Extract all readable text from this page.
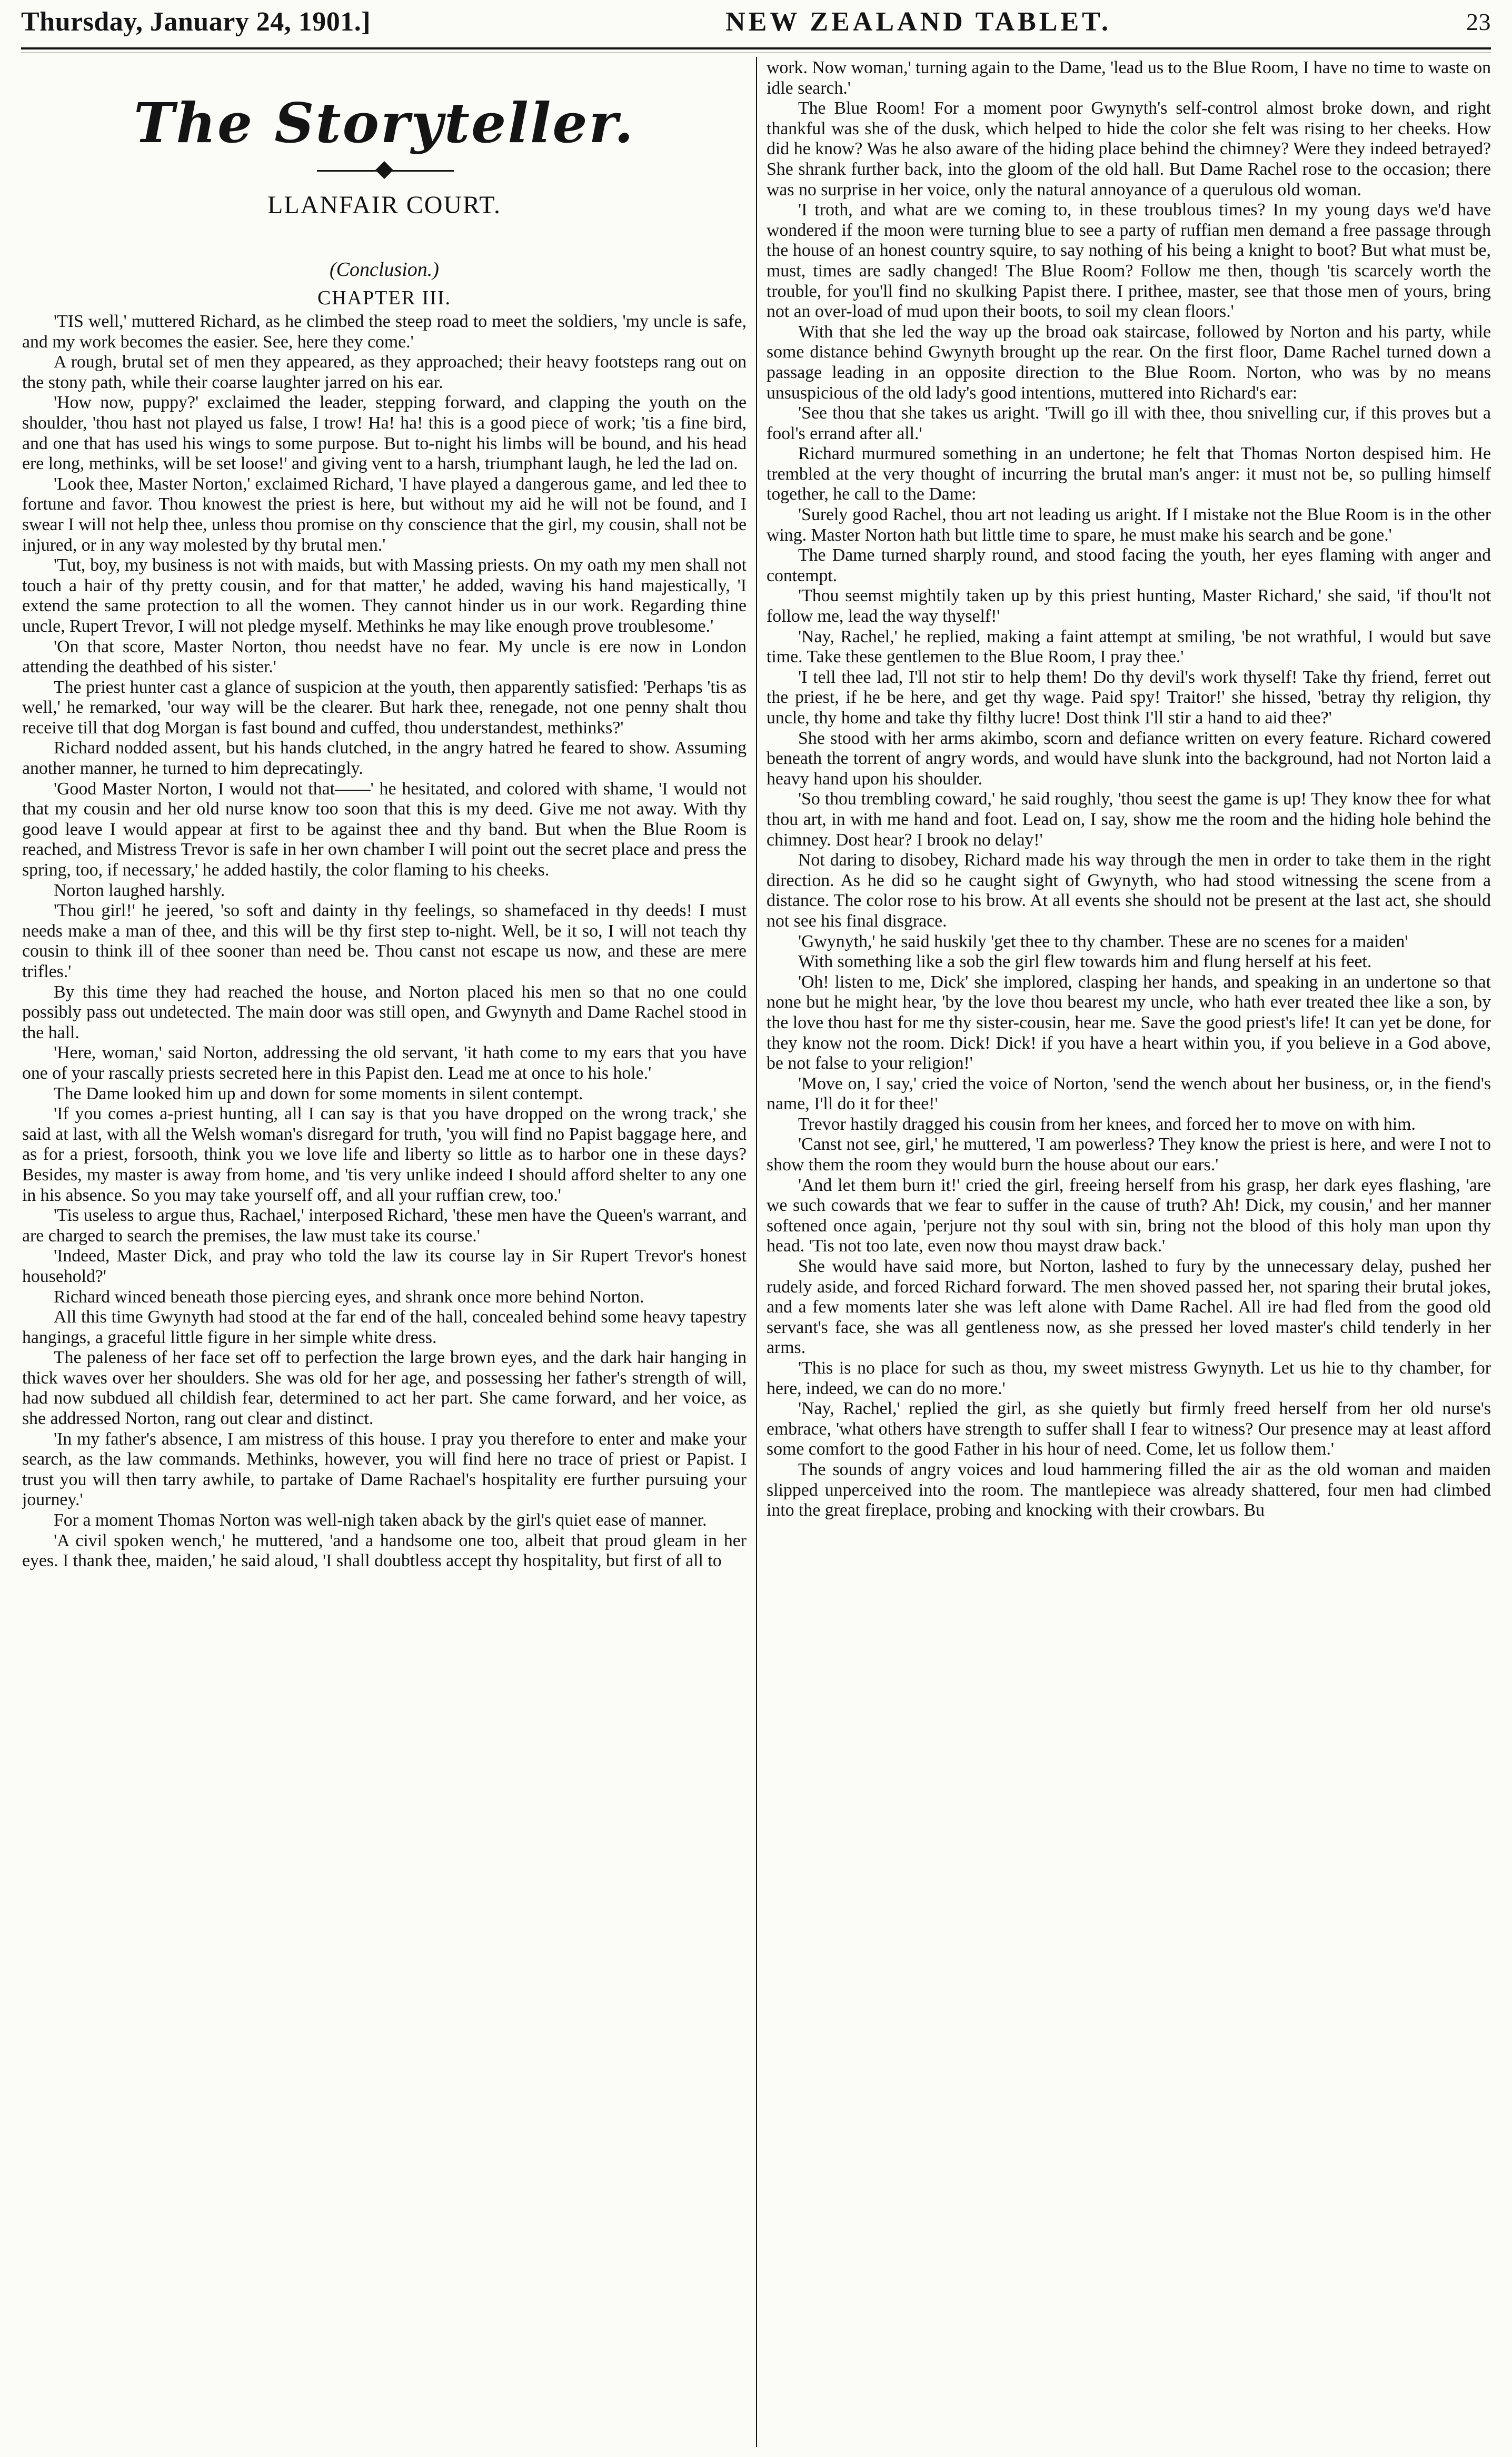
Thursday, January 24, 1901.]	NEW ZEALAND TABLET.	23
The Storyteller.
LLANFAIR COURT.
(Conclusion.)
CHAPTER III.

'TIS well,' muttered Richard, as he climbed the steep road to meet the soldiers, 'my uncle is safe, and my work becomes the easier. See, here they come.'

A rough, brutal set of men they appeared, as they approached; their heavy footsteps rang out on the stony path, while their coarse laughter jarred on his ear.

'How now, puppy?' exclaimed the leader, stepping forward, and clapping the youth on the shoulder, 'thou hast not played us false, I trow! Ha! ha! this is a good piece of work; 'tis a fine bird, and one that has used his wings to some purpose. But to-night his limbs will be bound, and his head ere long, methinks, will be set loose!' and giving vent to a harsh, triumphant laugh, he led the lad on.

'Look thee, Master Norton,' exclaimed Richard, 'I have played a dangerous game, and led thee to fortune and favor. Thou knowest the priest is here, but without my aid he will not be found, and I swear I will not help thee, unless thou promise on thy conscience that the girl, my cousin, shall not be injured, or in any way molested by thy brutal men.'

'Tut, boy, my business is not with maids, but with Massing priests. On my oath my men shall not touch a hair of thy pretty cousin, and for that matter,' he added, waving his hand majestically, 'I extend the same protection to all the women. They cannot hinder us in our work. Regarding thine uncle, Rupert Trevor, I will not pledge myself. Methinks he may like enough prove troublesome.'

'On that score, Master Norton, thou needst have no fear. My uncle is ere now in London attending the deathbed of his sister.'

The priest hunter cast a glance of suspicion at the youth, then apparently satisfied: 'Perhaps 'tis as well,' he remarked, 'our way will be the clearer. But hark thee, renegade, not one penny shalt thou receive till that dog Morgan is fast bound and cuffed, thou understandest, methinks?'

Richard nodded assent, but his hands clutched, in the angry hatred he feared to show. Assuming another manner, he turned to him deprecatingly.

'Good Master Norton, I would not that——' he hesitated, and colored with shame, 'I would not that my cousin and her old nurse know too soon that this is my deed. Give me not away. With thy good leave I would appear at first to be against thee and thy band. But when the Blue Room is reached, and Mistress Trevor is safe in her own chamber I will point out the secret place and press the spring, too, if necessary,' he added hastily, the color flaming to his cheeks.

Norton laughed harshly.

'Thou girl!' he jeered, 'so soft and dainty in thy feelings, so shamefaced in thy deeds! I must needs make a man of thee, and this will be thy first step to-night. Well, be it so, I will not teach thy cousin to think ill of thee sooner than need be. Thou canst not escape us now, and these are mere trifles.'

By this time they had reached the house, and Norton placed his men so that no one could possibly pass out undetected. The main door was still open, and Gwynyth and Dame Rachel stood in the hall.

'Here, woman,' said Norton, addressing the old servant, 'it hath come to my ears that you have one of your rascally priests secreted here in this Papist den. Lead me at once to his hole.'

The Dame looked him up and down for some moments in silent contempt.

'If you comes a-priest hunting, all I can say is that you have dropped on the wrong track,' she said at last, with all the Welsh woman's disregard for truth, 'you will find no Papist baggage here, and as for a priest, forsooth, think you we love life and liberty so little as to harbor one in these days? Besides, my master is away from home, and 'tis very unlike indeed I should afford shelter to any one in his absence. So you may take yourself off, and all your ruffian crew, too.'

'Tis useless to argue thus, Rachael,' interposed Richard, 'these men have the Queen's warrant, and are charged to search the premises, the law must take its course.'

'Indeed, Master Dick, and pray who told the law its course lay in Sir Rupert Trevor's honest household?'

Richard winced beneath those piercing eyes, and shrank once more behind Norton.

All this time Gwynyth had stood at the far end of the hall, concealed behind some heavy tapestry hangings, a graceful little figure in her simple white dress.

The paleness of her face set off to perfection the large brown eyes, and the dark hair hanging in thick waves over her shoulders. She was old for her age, and possessing her father's strength of will, had now subdued all childish fear, determined to act her part. She came forward, and her voice, as she addressed Norton, rang out clear and distinct.

'In my father's absence, I am mistress of this house. I pray you therefore to enter and make your search, as the law commands. Methinks, however, you will find here no trace of priest or Papist. I trust you will then tarry awhile, to partake of Dame Rachael's hospitality ere further pursuing your journey.'

For a moment Thomas Norton was well-nigh taken aback by the girl's quiet ease of manner.

'A civil spoken wench,' he muttered, 'and a handsome one too, albeit that proud gleam in her eyes. I thank thee, maiden,' he said aloud, 'I shall doubtless accept thy hospitality, but first of all to

work. Now woman,' turning again to the Dame, 'lead us to the Blue Room, I have no time to waste on idle search.'

The Blue Room! For a moment poor Gwynyth's self-control almost broke down, and right thankful was she of the dusk, which helped to hide the color she felt was rising to her cheeks. How did he know? Was he also aware of the hiding place behind the chimney? Were they indeed betrayed? She shrank further back, into the gloom of the old hall. But Dame Rachel rose to the occasion; there was no surprise in her voice, only the natural annoyance of a querulous old woman.

'I troth, and what are we coming to, in these troublous times? In my young days we'd have wondered if the moon were turning blue to see a party of ruffian men demand a free passage through the house of an honest country squire, to say nothing of his being a knight to boot? But what must be, must, times are sadly changed! The Blue Room? Follow me then, though 'tis scarcely worth the trouble, for you'll find no skulking Papist there. I prithee, master, see that those men of yours, bring not an over-load of mud upon their boots, to soil my clean floors.'

With that she led the way up the broad oak staircase, followed by Norton and his party, while some distance behind Gwynyth brought up the rear. On the first floor, Dame Rachel turned down a passage leading in an opposite direction to the Blue Room. Norton, who was by no means unsuspicious of the old lady's good intentions, muttered into Richard's ear:

'See thou that she takes us aright. 'Twill go ill with thee, thou snivelling cur, if this proves but a fool's errand after all.'

Richard murmured something in an undertone; he felt that Thomas Norton despised him. He trembled at the very thought of incurring the brutal man's anger: it must not be, so pulling himself together, he call to the Dame:

'Surely good Rachel, thou art not leading us aright. If I mistake not the Blue Room is in the other wing. Master Norton hath but little time to spare, he must make his search and be gone.'

The Dame turned sharply round, and stood facing the youth, her eyes flaming with anger and contempt.

'Thou seemst mightily taken up by this priest hunting, Master Richard,' she said, 'if thou'lt not follow me, lead the way thyself!'

'Nay, Rachel,' he replied, making a faint attempt at smiling, 'be not wrathful, I would but save time. Take these gentlemen to the Blue Room, I pray thee.'

'I tell thee lad, I'll not stir to help them! Do thy devil's work thyself! Take thy friend, ferret out the priest, if he be here, and get thy wage. Paid spy! Traitor!' she hissed, 'betray thy religion, thy uncle, thy home and take thy filthy lucre! Dost think I'll stir a hand to aid thee?'

She stood with her arms akimbo, scorn and defiance written on every feature. Richard cowered beneath the torrent of angry words, and would have slunk into the background, had not Norton laid a heavy hand upon his shoulder.

'So thou trembling coward,' he said roughly, 'thou seest the game is up! They know thee for what thou art, in with me hand and foot. Lead on, I say, show me the room and the hiding hole behind the chimney. Dost hear? I brook no delay!'

Not daring to disobey, Richard made his way through the men in order to take them in the right direction. As he did so he caught sight of Gwynyth, who had stood witnessing the scene from a distance. The color rose to his brow. At all events she should not be present at the last act, she should not see his final disgrace.

'Gwynyth,' he said huskily 'get thee to thy chamber. These are no scenes for a maiden'

With something like a sob the girl flew towards him and flung herself at his feet.

'Oh! listen to me, Dick' she implored, clasping her hands, and speaking in an undertone so that none but he might hear, 'by the love thou bearest my uncle, who hath ever treated thee like a son, by the love thou hast for me thy sister-cousin, hear me. Save the good priest's life! It can yet be done, for they know not the room. Dick! Dick! if you have a heart within you, if you believe in a God above, be not false to your religion!'

'Move on, I say,' cried the voice of Norton, 'send the wench about her business, or, in the fiend's name, I'll do it for thee!'

Trevor hastily dragged his cousin from her knees, and forced her to move on with him.

'Canst not see, girl,' he muttered, 'I am powerless? They know the priest is here, and were I not to show them the room they would burn the house about our ears.'

'And let them burn it!' cried the girl, freeing herself from his grasp, her dark eyes flashing, 'are we such cowards that we fear to suffer in the cause of truth? Ah! Dick, my cousin,' and her manner softened once again, 'perjure not thy soul with sin, bring not the blood of this holy man upon thy head. 'Tis not too late, even now thou mayst draw back.'

She would have said more, but Norton, lashed to fury by the unnecessary delay, pushed her rudely aside, and forced Richard forward. The men shoved passed her, not sparing their brutal jokes, and a few moments later she was left alone with Dame Rachel. All ire had fled from the good old servant's face, she was all gentleness now, as she pressed her loved master's child tenderly in her arms.

'This is no place for such as thou, my sweet mistress Gwynyth. Let us hie to thy chamber, for here, indeed, we can do no more.'

'Nay, Rachel,' replied the girl, as she quietly but firmly freed herself from her old nurse's embrace, 'what others have strength to suffer shall I fear to witness? Our presence may at least afford some comfort to the good Father in his hour of need. Come, let us follow them.'

The sounds of angry voices and loud hammering filled the air as the old woman and maiden slipped unperceived into the room. The mantlepiece was already shattered, four men had climbed into the great fireplace, probing and knocking with their crowbars. Bu
